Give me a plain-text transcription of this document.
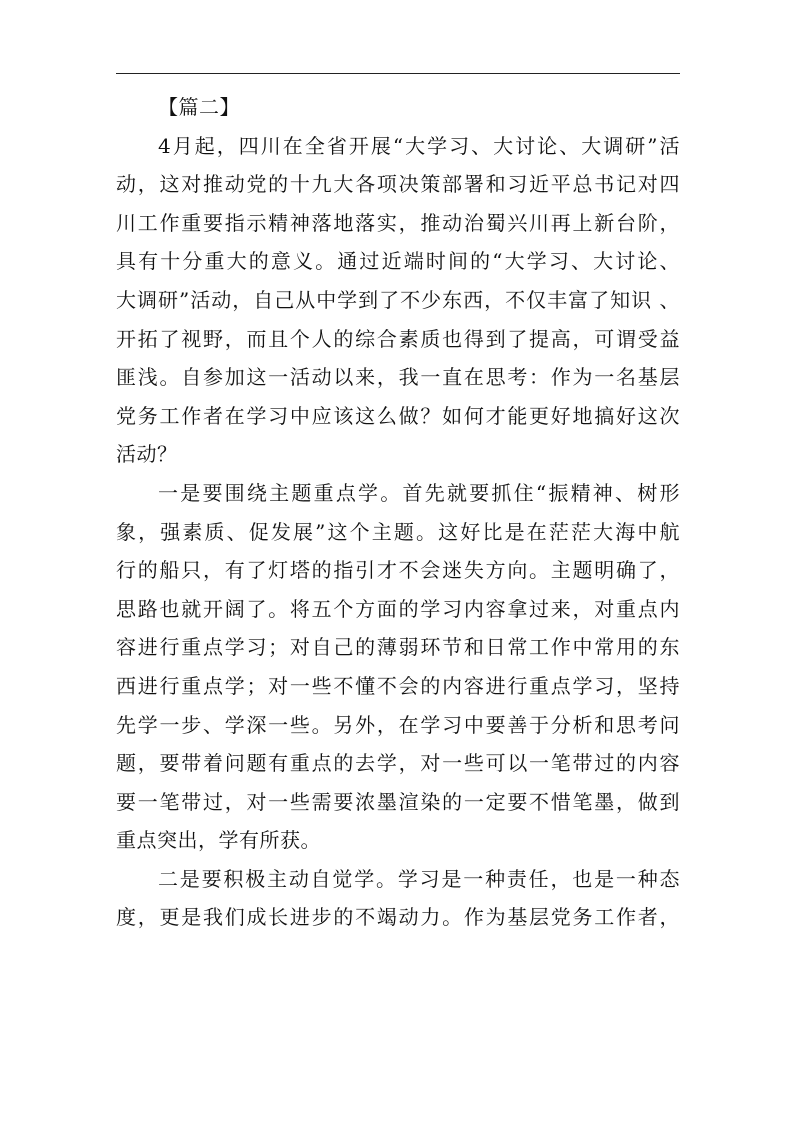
【篇二】
4月起，四川在全省开展“大学习、大讨论、大调研”活
动，这对推动党的十九大各项决策部署和习近平总书记对四
川工作重要指示精神落地落实，推动治蜀兴川再上新台阶，
具有十分重大的意义。通过近端时间的“大学习、大讨论、
大调研”活动，自己从中学到了不少东西，不仅丰富了知识 、
开拓了视野，而且个人的综合素质也得到了提高，可谓受益
匪浅。自参加这一活动以来，我一直在思考：作为一名基层
党务工作者在学习中应该这么做？如何才能更好地搞好这次
活动？
一是要围绕主题重点学。首先就要抓住“振精神、树形
象，强素质、促发展”这个主题。这好比是在茫茫大海中航
行的船只，有了灯塔的指引才不会迷失方向。主题明确了，
思路也就开阔了。将五个方面的学习内容拿过来，对重点内
容进行重点学习；对自己的薄弱环节和日常工作中常用的东
西进行重点学；对一些不懂不会的内容进行重点学习，坚持
先学一步、学深一些。另外，在学习中要善于分析和思考问
题，要带着问题有重点的去学，对一些可以一笔带过的内容
要一笔带过，对一些需要浓墨渲染的一定要不惜笔墨，做到
重点突出，学有所获。
二是要积极主动自觉学。学习是一种责任，也是一种态
度，更是我们成长进步的不竭动力。作为基层党务工作者，
